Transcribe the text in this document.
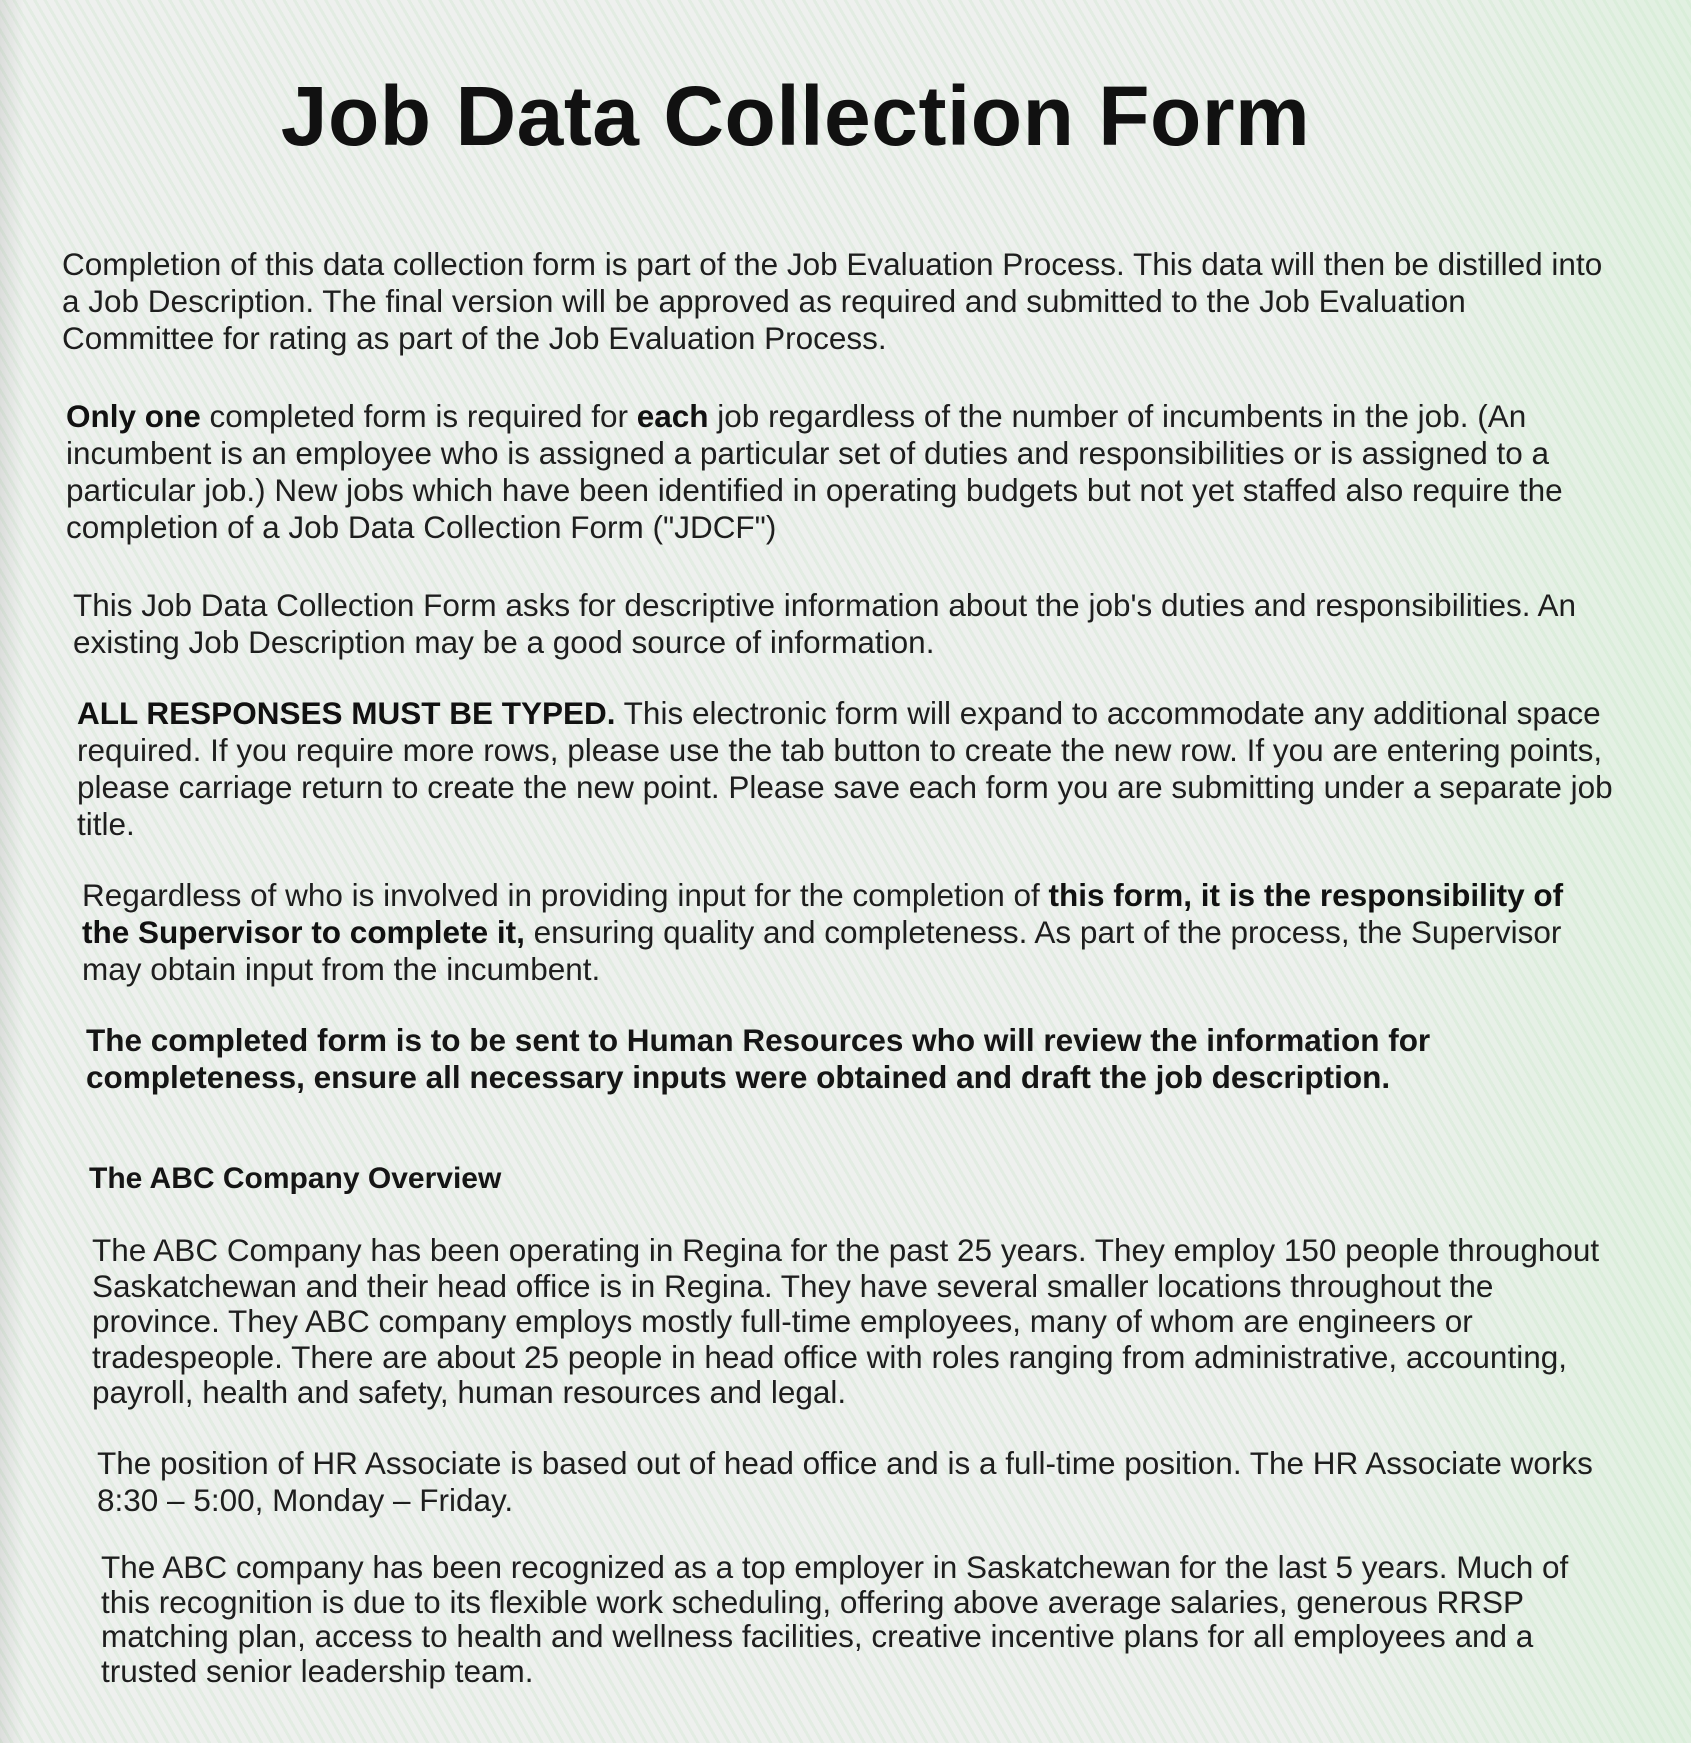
Job Data Collection Form

Completion of this data collection form is part of the Job Evaluation Process. This data will then be distilled into a Job Description. The final version will be approved as required and submitted to the Job Evaluation Committee for rating as part of the Job Evaluation Process.

Only one completed form is required for each job regardless of the number of incumbents in the job. (An incumbent is an employee who is assigned a particular set of duties and responsibilities or is assigned to a particular job.) New jobs which have been identified in operating budgets but not yet staffed also require the completion of a Job Data Collection Form ("JDCF")

This Job Data Collection Form asks for descriptive information about the job's duties and responsibilities. An existing Job Description may be a good source of information.

ALL RESPONSES MUST BE TYPED. This electronic form will expand to accommodate any additional space required. If you require more rows, please use the tab button to create the new row. If you are entering points, please carriage return to create the new point. Please save each form you are submitting under a separate job title.

Regardless of who is involved in providing input for the completion of this form, it is the responsibility of the Supervisor to complete it, ensuring quality and completeness. As part of the process, the Supervisor may obtain input from the incumbent.

The completed form is to be sent to Human Resources who will review the information for completeness, ensure all necessary inputs were obtained and draft the job description.

The ABC Company Overview

The ABC Company has been operating in Regina for the past 25 years. They employ 150 people throughout Saskatchewan and their head office is in Regina. They have several smaller locations throughout the province. They ABC company employs mostly full-time employees, many of whom are engineers or tradespeople. There are about 25 people in head office with roles ranging from administrative, accounting, payroll, health and safety, human resources and legal.

The position of HR Associate is based out of head office and is a full-time position. The HR Associate works 8:30 – 5:00, Monday – Friday.

The ABC company has been recognized as a top employer in Saskatchewan for the last 5 years. Much of this recognition is due to its flexible work scheduling, offering above average salaries, generous RRSP matching plan, access to health and wellness facilities, creative incentive plans for all employees and a trusted senior leadership team.
